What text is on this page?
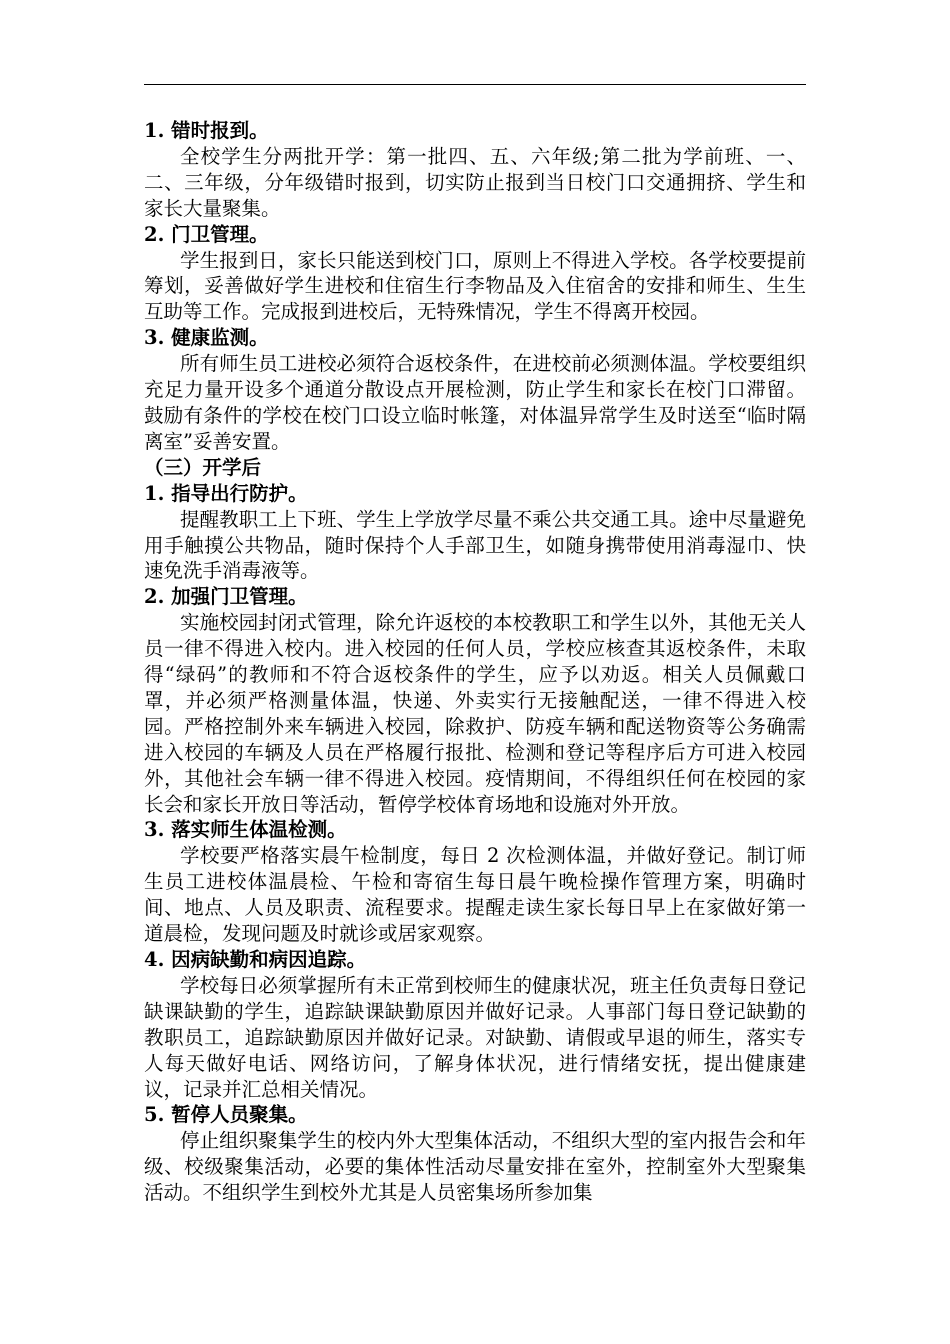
1. 错时报到。

全校学生分两批开学：第一批四、五、六年级;第二批为学前班、一、二、三年级，分年级错时报到，切实防止报到当日校门口交通拥挤、学生和家长大量聚集。

2. 门卫管理。

学生报到日，家长只能送到校门口，原则上不得进入学校。各学校要提前筹划，妥善做好学生进校和住宿生行李物品及入住宿舍的安排和师生、生生互助等工作。完成报到进校后，无特殊情况，学生不得离开校园。

3. 健康监测。

所有师生员工进校必须符合返校条件，在进校前必须测体温。学校要组织充足力量开设多个通道分散设点开展检测，防止学生和家长在校门口滞留。鼓励有条件的学校在校门口设立临时帐篷，对体温异常学生及时送至“临时隔离室”妥善安置。

（三）开学后

1. 指导出行防护。

提醒教职工上下班、学生上学放学尽量不乘公共交通工具。途中尽量避免用手触摸公共物品，随时保持个人手部卫生，如随身携带使用消毒湿巾、快速免洗手消毒液等。

2. 加强门卫管理。

实施校园封闭式管理，除允许返校的本校教职工和学生以外，其他无关人员一律不得进入校内。进入校园的任何人员，学校应核查其返校条件，未取得“绿码”的教师和不符合返校条件的学生，应予以劝返。相关人员佩戴口罩，并必须严格测量体温，快递、外卖实行无接触配送，一律不得进入校园。严格控制外来车辆进入校园，除救护、防疫车辆和配送物资等公务确需进入校园的车辆及人员在严格履行报批、检测和登记等程序后方可进入校园外，其他社会车辆一律不得进入校园。疫情期间，不得组织任何在校园的家长会和家长开放日等活动，暂停学校体育场地和设施对外开放。

3. 落实师生体温检测。

学校要严格落实晨午检制度，每日 2 次检测体温，并做好登记。制订师生员工进校体温晨检、午检和寄宿生每日晨午晚检操作管理方案，明确时间、地点、人员及职责、流程要求。提醒走读生家长每日早上在家做好第一道晨检，发现问题及时就诊或居家观察。

4. 因病缺勤和病因追踪。

学校每日必须掌握所有未正常到校师生的健康状况，班主任负责每日登记缺课缺勤的学生，追踪缺课缺勤原因并做好记录。人事部门每日登记缺勤的教职员工，追踪缺勤原因并做好记录。对缺勤、请假或早退的师生，落实专人每天做好电话、网络访问，了解身体状况，进行情绪安抚，提出健康建议，记录并汇总相关情况。

5. 暂停人员聚集。

停止组织聚集学生的校内外大型集体活动，不组织大型的室内报告会和年级、校级聚集活动，必要的集体性活动尽量安排在室外，控制室外大型聚集活动。不组织学生到校外尤其是人员密集场所参加集
